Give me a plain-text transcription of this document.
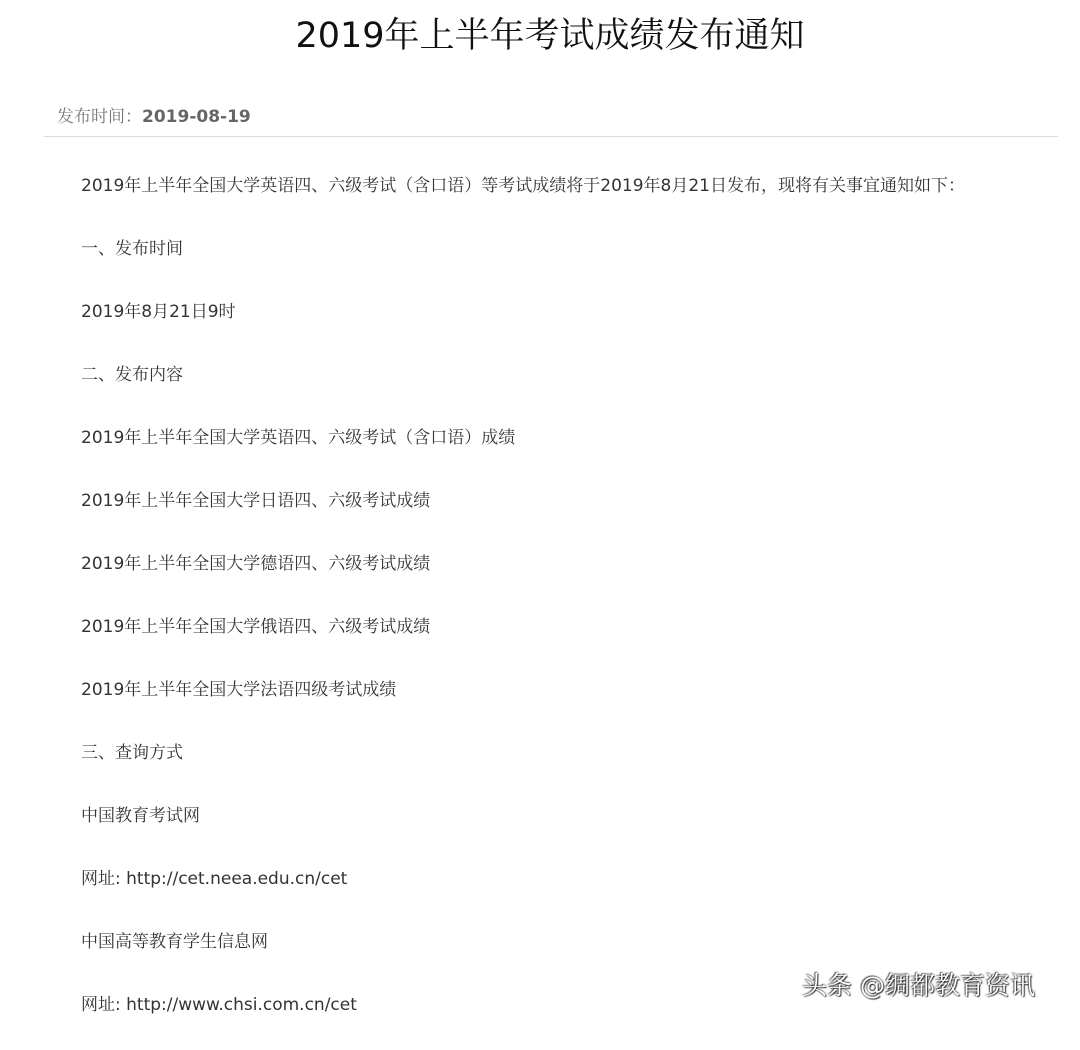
2019年上半年考试成绩发布通知
发布时间：2019-08-19

2019年上半年全国大学英语四、六级考试（含口语）等考试成绩将于2019年8月21日发布，现将有关事宜通知如下：

一、发布时间

2019年8月21日9时

二、发布内容

2019年上半年全国大学英语四、六级考试（含口语）成绩

2019年上半年全国大学日语四、六级考试成绩

2019年上半年全国大学德语四、六级考试成绩

2019年上半年全国大学俄语四、六级考试成绩

2019年上半年全国大学法语四级考试成绩

三、查询方式

中国教育考试网

网址: http://cet.neea.edu.cn/cet

中国高等教育学生信息网

网址: http://www.chsi.com.cn/cet

头条 @绸都教育资讯
